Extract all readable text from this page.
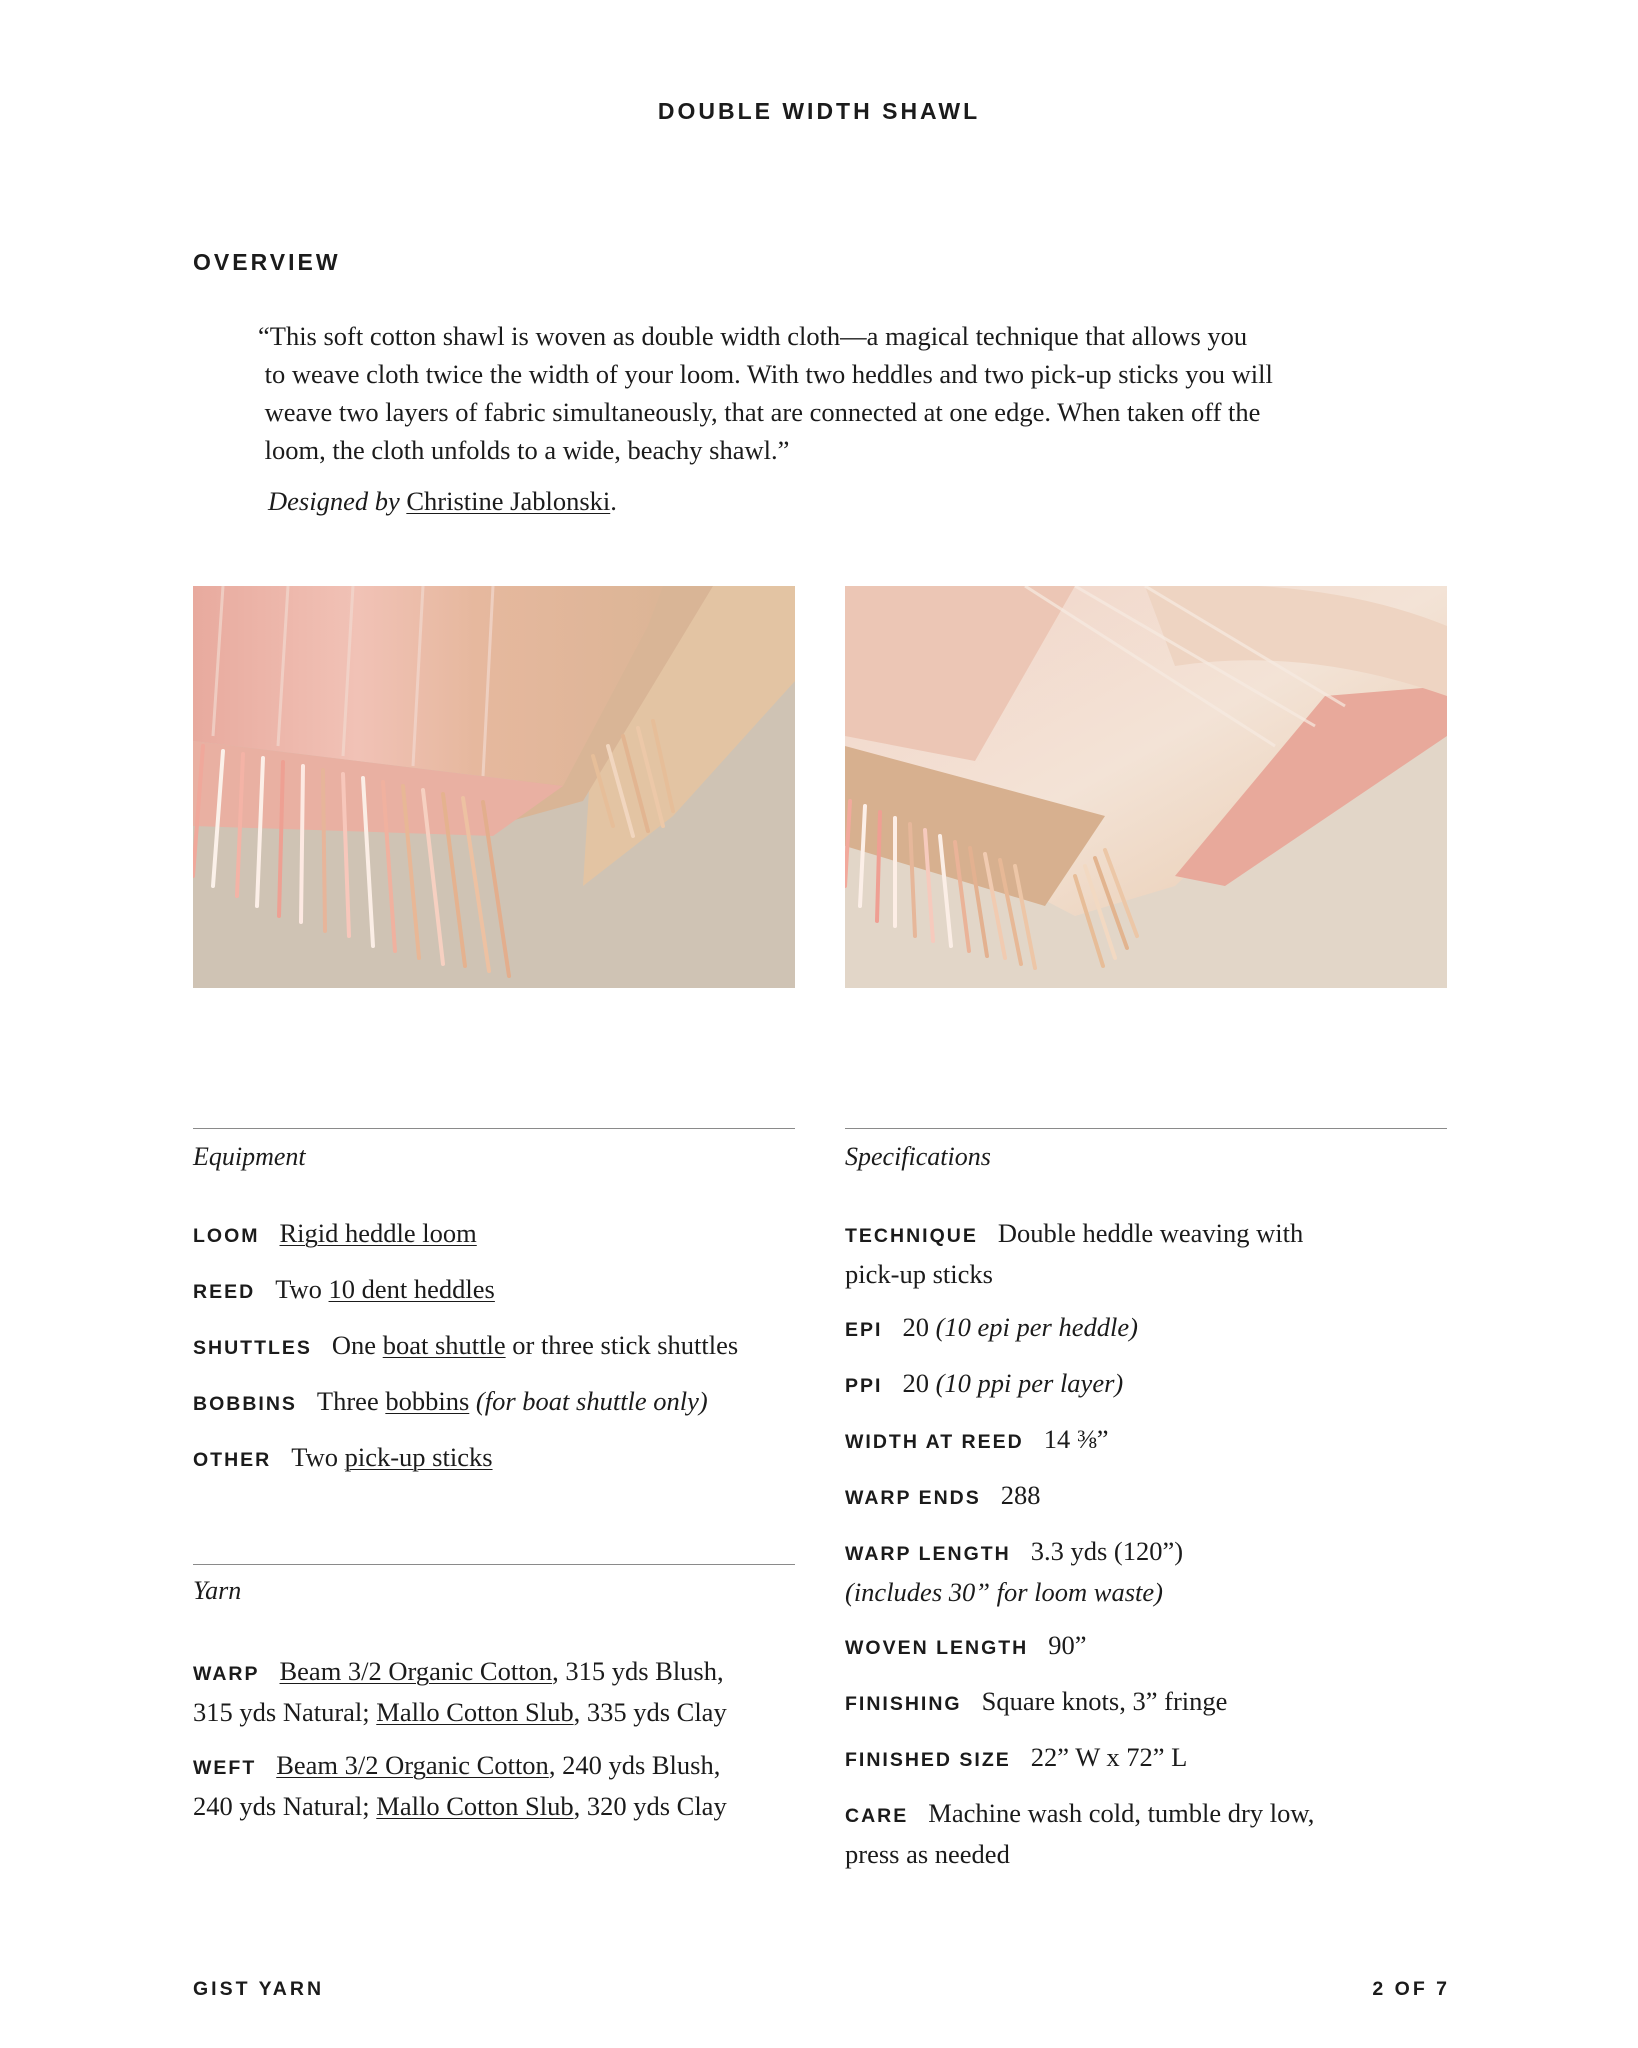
DOUBLE WIDTH SHAWL
OVERVIEW

“This soft cotton shawl is woven as double width cloth—a magical technique that allows you

to weave cloth twice the width of your loom. With two heddles and two pick-up sticks you will

weave two layers of fabric simultaneously, that are connected at one edge. When taken off the

loom, the cloth unfolds to a wide, beachy shawl.”

Designed by Christine Jablonski.
Equipment
LOOM Rigid heddle loom
REED Two 10 dent heddles
SHUTTLES One boat shuttle or three stick shuttles
BOBBINS Three bobbins (for boat shuttle only)
OTHER Two pick-up sticks
Yarn
WARP Beam 3/2 Organic Cotton, 315 yds Blush,
315 yds Natural; Mallo Cotton Slub, 335 yds Clay
WEFT Beam 3/2 Organic Cotton, 240 yds Blush,
240 yds Natural; Mallo Cotton Slub, 320 yds Clay
Specifications
TECHNIQUE Double heddle weaving with
pick-up sticks
EPI 20 (10 epi per heddle)
PPI 20 (10 ppi per layer)
WIDTH AT REED 14 ⅜”
WARP ENDS 288
WARP LENGTH 3.3 yds (120”)
(includes 30” for loom waste)
WOVEN LENGTH 90”
FINISHING Square knots, 3” fringe
FINISHED SIZE 22” W x 72” L
CARE Machine wash cold, tumble dry low,
press as needed
GIST YARN	2 OF 7
